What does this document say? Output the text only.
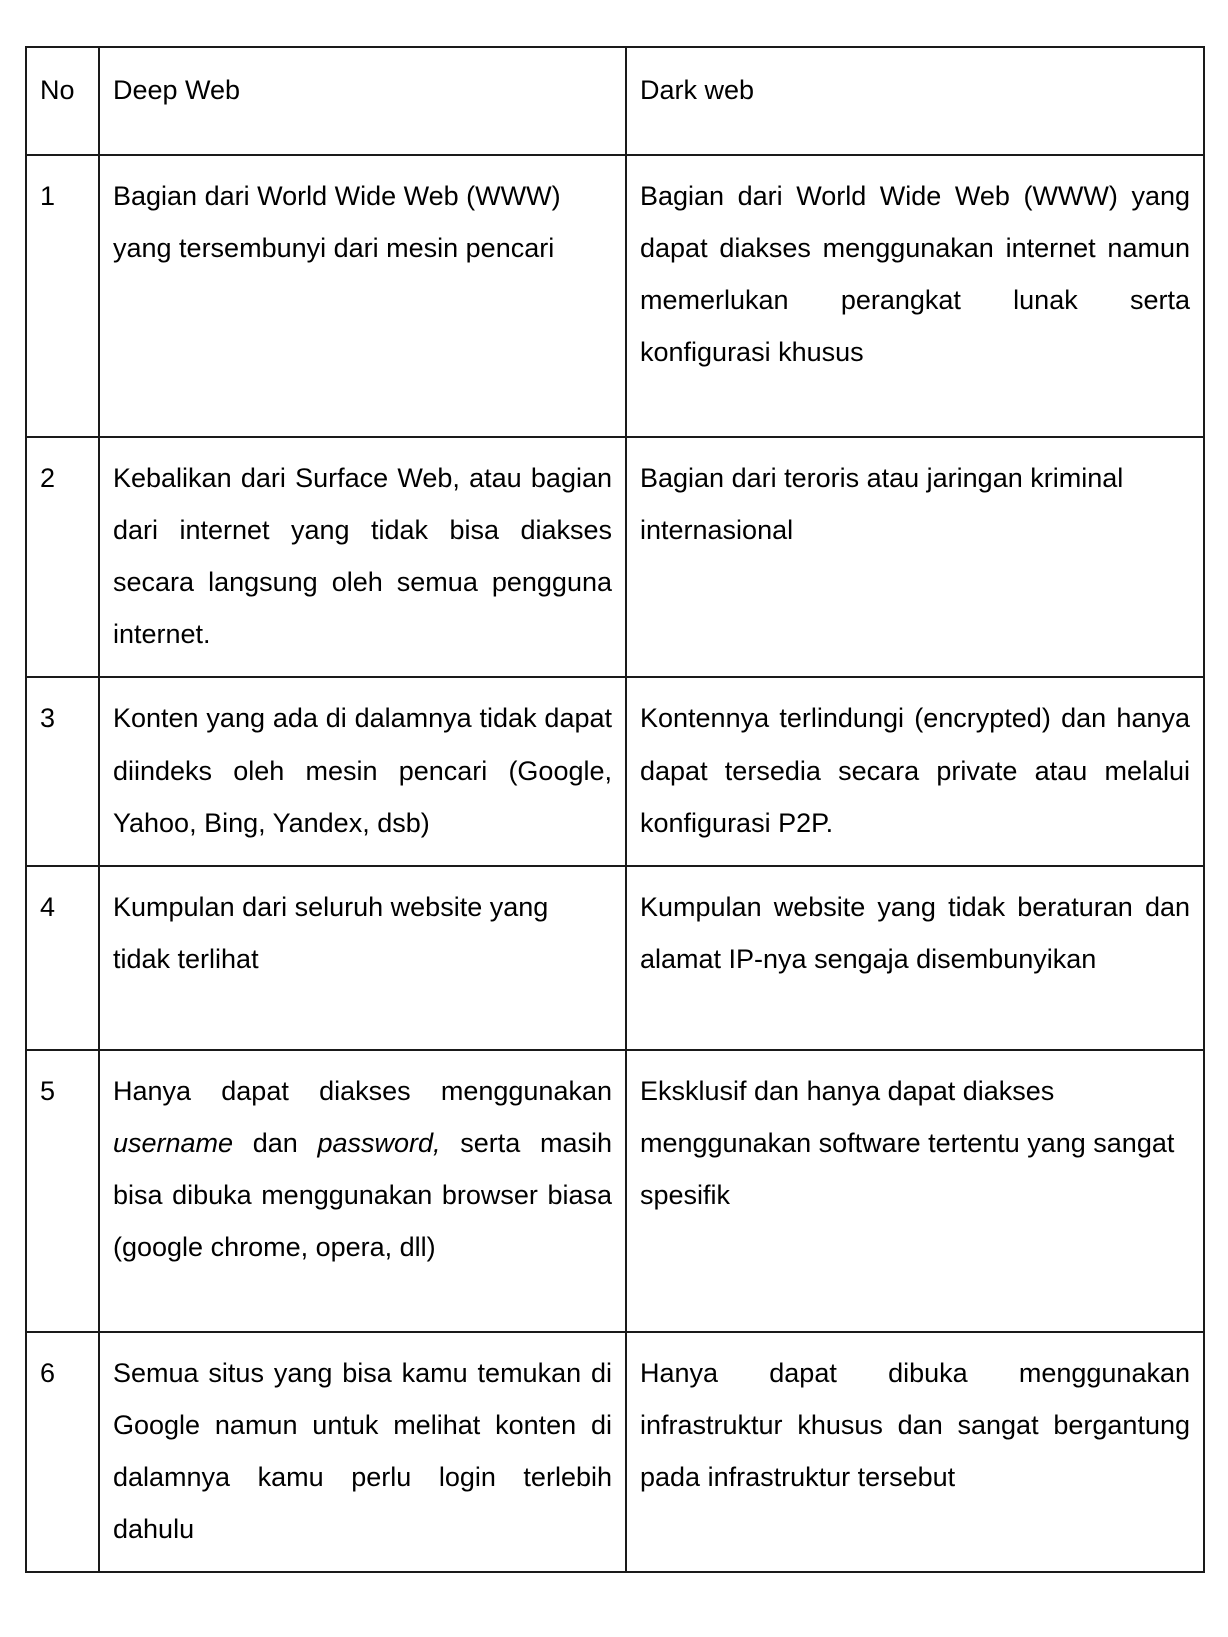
No	Deep Web	Dark web
1	Bagian dari World Wide Web (WWW) yang tersembunyi dari mesin pencari	Bagian dari World Wide Web (WWW) yang dapat diakses menggunakan internet namun memerlukan perangkat lunak serta konfigurasi khusus
2	Kebalikan dari Surface Web, atau bagian dari internet yang tidak bisa diakses secara langsung oleh semua pengguna internet.	Bagian dari teroris atau jaringan kriminal internasional
3	Konten yang ada di dalamnya tidak dapat diindeks oleh mesin pencari (Google, Yahoo, Bing, Yandex, dsb)	Kontennya terlindungi (encrypted) dan hanya dapat tersedia secara private atau melalui konfigurasi P2P.
4	Kumpulan dari seluruh website yang tidak terlihat	Kumpulan website yang tidak beraturan dan alamat IP-nya sengaja disembunyikan
5	Hanya dapat diakses menggunakan username dan password, serta masih bisa dibuka menggunakan browser biasa (google chrome, opera, dll)	Eksklusif dan hanya dapat diakses menggunakan software tertentu yang sangat spesifik
6	Semua situs yang bisa kamu temukan di Google namun untuk melihat konten di dalamnya kamu perlu login terlebih dahulu	Hanya dapat dibuka menggunakan infrastruktur khusus dan sangat bergantung pada infrastruktur tersebut
